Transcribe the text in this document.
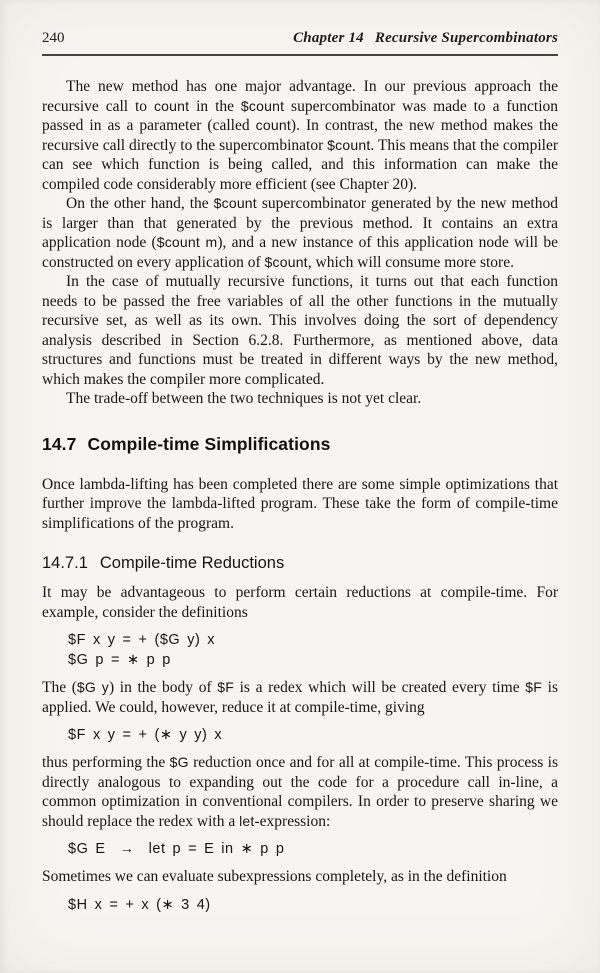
240	Chapter 14 Recursive Supercombinators

The new method has one major advantage. In our previous approach the recursive call to count in the $count supercombinator was made to a function passed in as a parameter (called count). In contrast, the new method makes the recursive call directly to the supercombinator $count. This means that the compiler can see which function is being called, and this information can make the compiled code considerably more efficient (see Chapter 20).

On the other hand, the $count supercombinator generated by the new method is larger than that generated by the previous method. It contains an extra application node ($count m), and a new instance of this application node will be constructed on every application of $count, which will consume more store.

In the case of mutually recursive functions, it turns out that each function needs to be passed the free variables of all the other functions in the mutually recursive set, as well as its own. This involves doing the sort of dependency analysis described in Section 6.2.8. Furthermore, as mentioned above, data structures and functions must be treated in different ways by the new method, which makes the compiler more complicated.

The trade-off between the two techniques is not yet clear.

14.7 Compile-time Simplifications

Once lambda-lifting has been completed there are some simple optimizations that further improve the lambda-lifted program. These take the form of compile-time simplifications of the program.

14.7.1 Compile-time Reductions

It may be advantageous to perform certain reductions at compile-time. For example, consider the definitions

$F x y = + ($G y) x
$G p = ∗ p p

The ($G y) in the body of $F is a redex which will be created every time $F is applied. We could, however, reduce it at compile-time, giving

$F x y = + (∗ y y) x

thus performing the $G reduction once and for all at compile-time. This process is directly analogous to expanding out the code for a procedure call in-line, a common optimization in conventional compilers. In order to preserve sharing we should replace the redex with a let-expression:

$G E  →  let p = E in ∗ p p

Sometimes we can evaluate subexpressions completely, as in the definition

$H x = + x (∗ 3 4)
